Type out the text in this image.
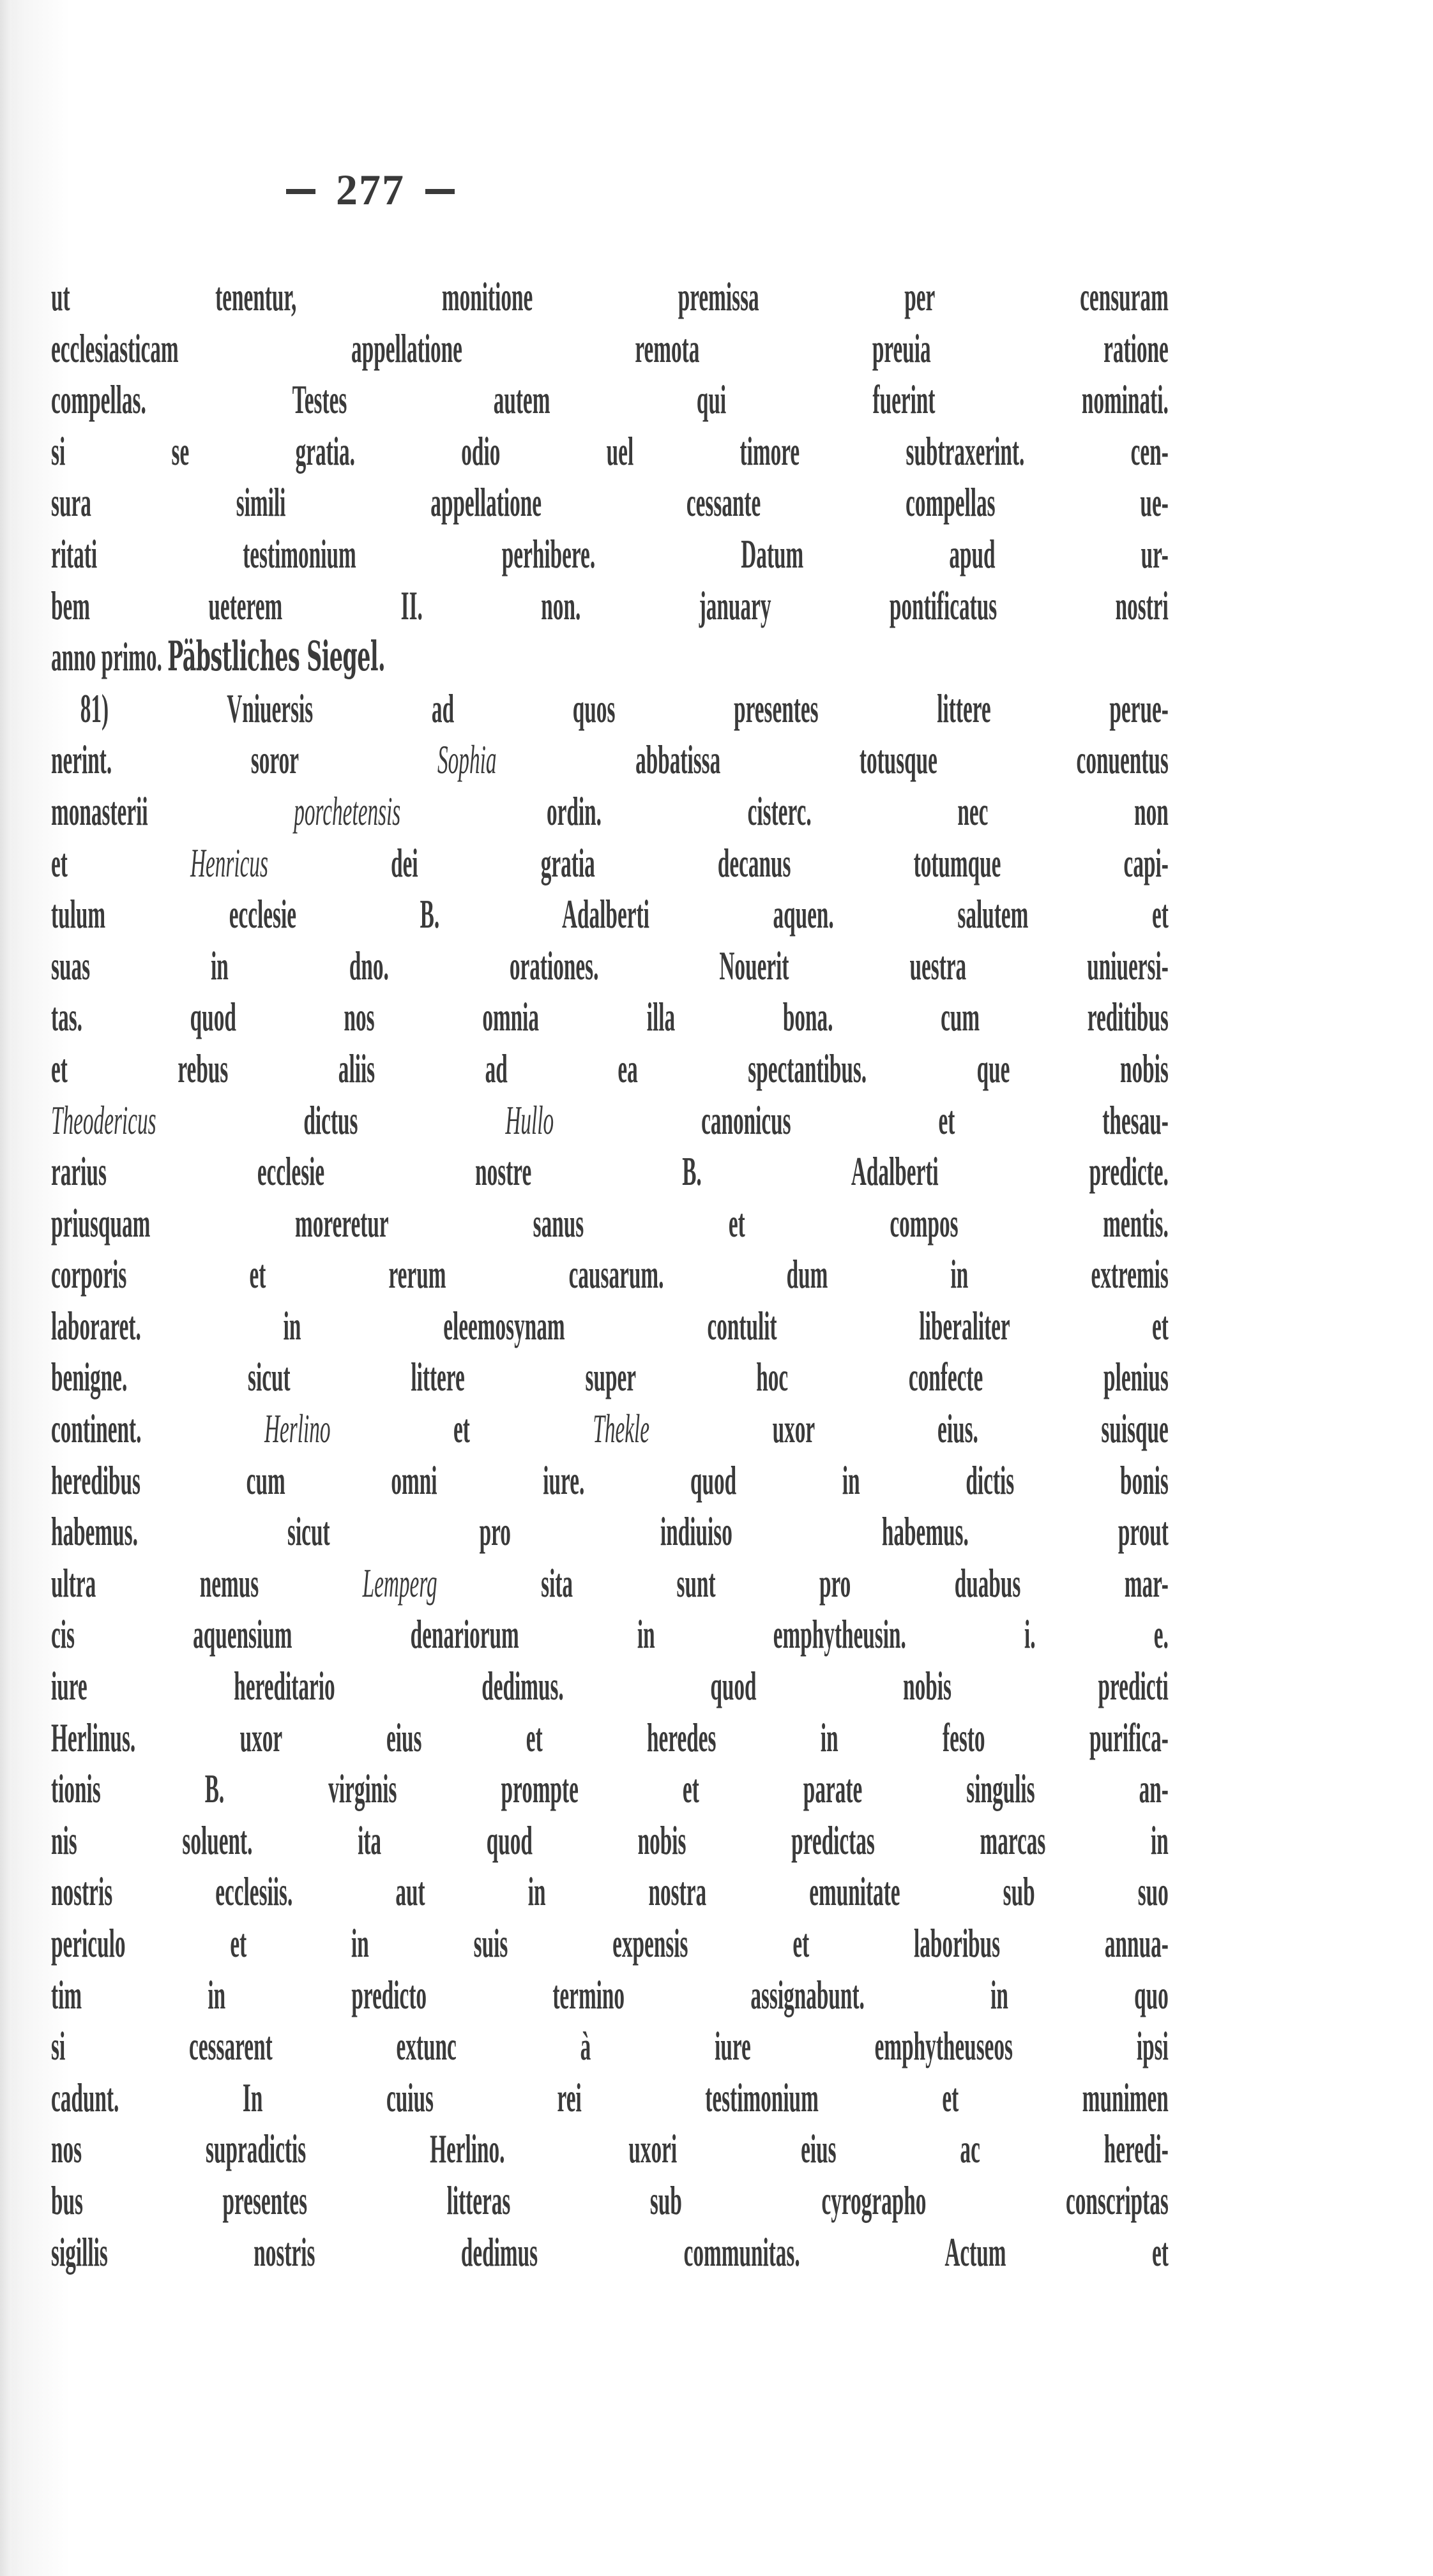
277
ut tenentur, monitione premissa per censuram
ecclesiasticam appellatione remota preuia ratione
compellas. Testes autem qui fuerint nominati.
si se gratia. odio uel timore subtraxerint. cen-
sura simili appellatione cessante compellas ue-
ritati testimonium perhibere. Datum apud ur-
bem ueterem II. non. january pontificatus nostri
anno primo. Päbstliches Siegel.
81) Vniuersis ad quos presentes littere perue-
nerint. soror Sophia abbatissa totusque conuentus
monasterii porchetensis ordin. cisterc. nec non
et Henricus dei gratia decanus totumque capi-
tulum ecclesie B. Adalberti aquen. salutem et
suas in dno. orationes. Nouerit uestra uniuersi-
tas. quod nos omnia illa bona. cum reditibus
et rebus aliis ad ea spectantibus. que nobis
Theodericus dictus Hullo canonicus et thesau-
rarius ecclesie nostre B. Adalberti predicte.
priusquam moreretur sanus et compos mentis.
corporis et rerum causarum. dum in extremis
laboraret. in eleemosynam contulit liberaliter et
benigne. sicut littere super hoc confecte plenius
continent. Herlino et Thekle uxor eius. suisque
heredibus cum omni iure. quod in dictis bonis
habemus. sicut pro indiuiso habemus. prout
ultra nemus Lemperg sita sunt pro duabus mar-
cis aquensium denariorum in emphytheusin. i. e.
iure hereditario dedimus. quod nobis predicti
Herlinus. uxor eius et heredes in festo purifica-
tionis B. virginis prompte et parate singulis an-
nis soluent. ita quod nobis predictas marcas in
nostris ecclesiis. aut in nostra emunitate sub suo
periculo et in suis expensis et laboribus annua-
tim in predicto termino assignabunt. in quo
si cessarent extunc à iure emphytheuseos ipsi
cadunt. In cuius rei testimonium et munimen
nos supradictis Herlino. uxori eius ac heredi-
bus presentes litteras sub cyrographo conscriptas
sigillis nostris dedimus communitas. Actum et
